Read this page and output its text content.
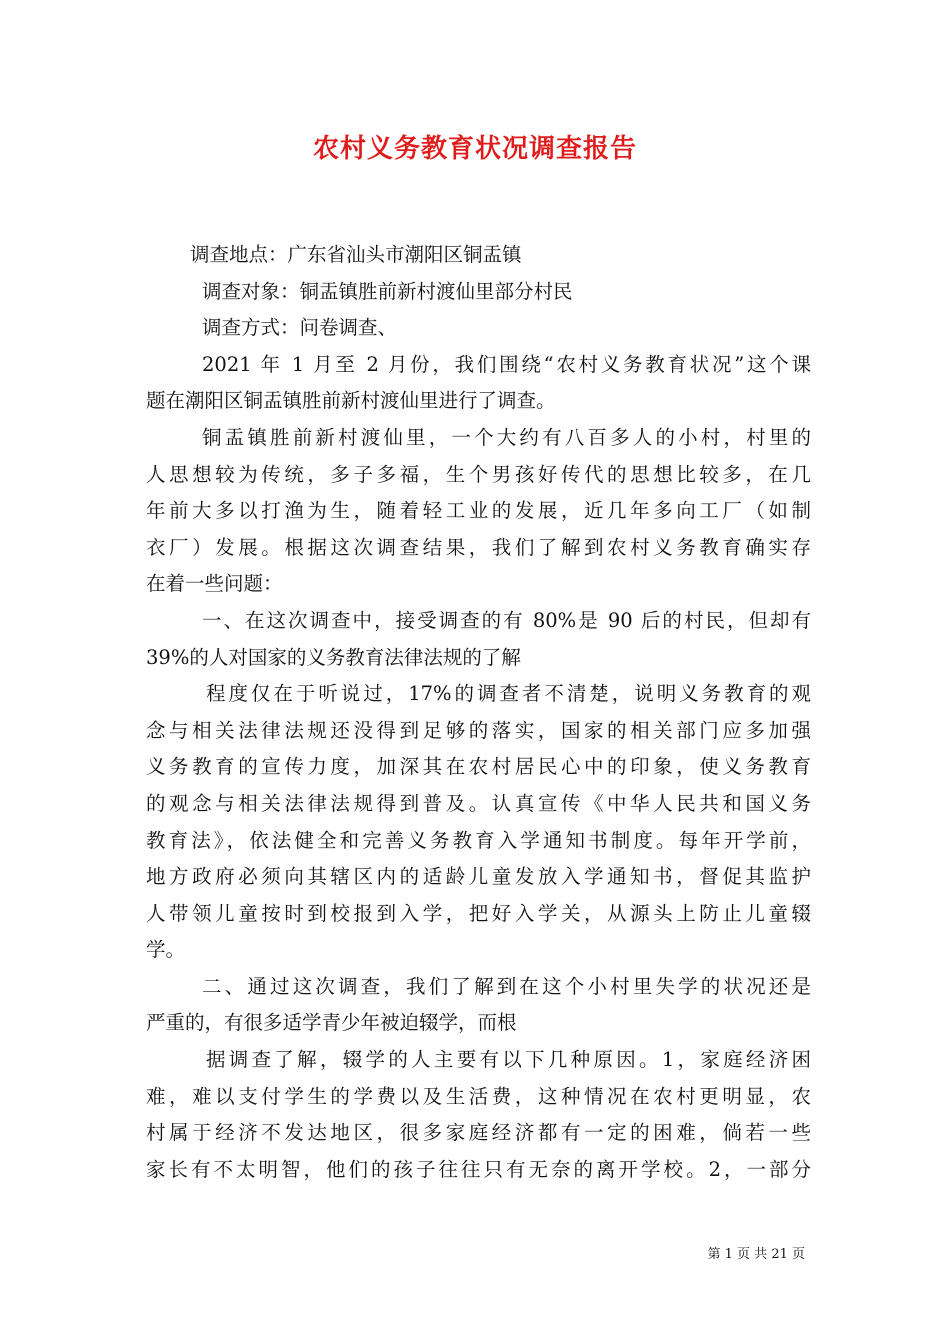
农村义务教育状况调查报告
调查地点：广东省汕头市潮阳区铜盂镇
调查对象：铜盂镇胜前新村渡仙里部分村民
调查方式：问卷调查、
2021 年 1 月至 2 月份，我们围绕“农村义务教育状况”这个课
题在潮阳区铜盂镇胜前新村渡仙里进行了调查。
铜盂镇胜前新村渡仙里，一个大约有八百多人的小村，村里的
人思想较为传统，多子多福，生个男孩好传代的思想比较多，在几
年前大多以打渔为生，随着轻工业的发展，近几年多向工厂（如制
衣厂）发展。根据这次调查结果，我们了解到农村义务教育确实存
在着一些问题：
一、在这次调查中，接受调查的有 80%是 90 后的村民，但却有
39%的人对国家的义务教育法律法规的了解
程度仅在于听说过，17%的调查者不清楚，说明义务教育的观
念与相关法律法规还没得到足够的落实，国家的相关部门应多加强
义务教育的宣传力度，加深其在农村居民心中的印象，使义务教育
的观念与相关法律法规得到普及。认真宣传《中华人民共和国义务
教育法》，依法健全和完善义务教育入学通知书制度。每年开学前，
地方政府必须向其辖区内的适龄儿童发放入学通知书，督促其监护
人带领儿童按时到校报到入学，把好入学关，从源头上防止儿童辍
学。
二、通过这次调查，我们了解到在这个小村里失学的状况还是
严重的，有很多适学青少年被迫辍学，而根
据调查了解，辍学的人主要有以下几种原因。1，家庭经济困
难，难以支付学生的学费以及生活费，这种情况在农村更明显，农
村属于经济不发达地区，很多家庭经济都有一定的困难，倘若一些
家长有不太明智，他们的孩子往往只有无奈的离开学校。2，一部分
第 1 页 共 21 页
